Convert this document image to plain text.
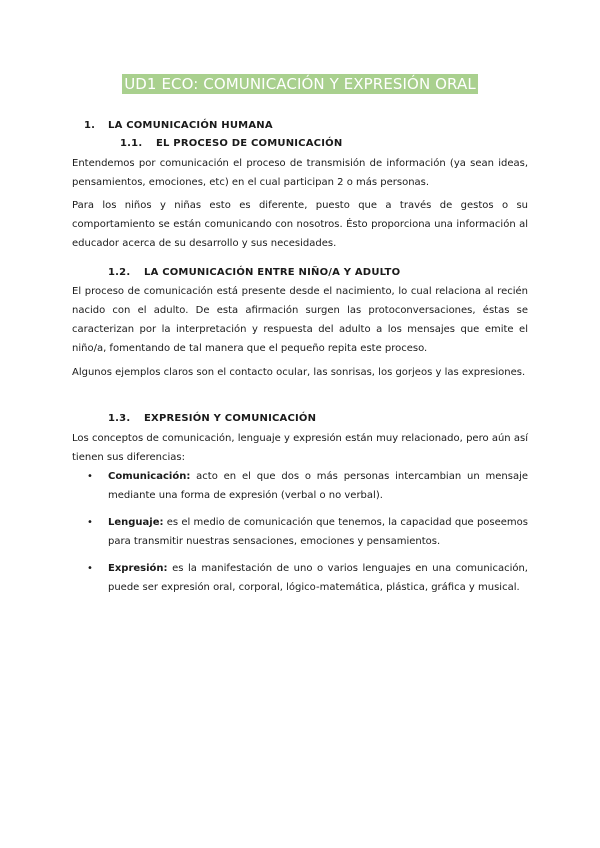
UD1 ECO: COMUNICACIÓN Y EXPRESIÓN ORAL
1. LA COMUNICACIÓN HUMANA
1.1. EL PROCESO DE COMUNICACIÓN

Entendemos por comunicación el proceso de transmisión de información (ya sean ideas, pensamientos, emociones, etc) en el cual participan 2 o más personas.

Para los niños y niñas esto es diferente, puesto que a través de gestos o su comportamiento se están comunicando con nosotros. Ésto proporciona una información al educador acerca de su desarrollo y sus necesidades.

1.2. LA COMUNICACIÓN ENTRE NIÑO/A Y ADULTO

El proceso de comunicación está presente desde el nacimiento, lo cual relaciona al recién nacido con el adulto. De esta afirmación surgen las protoconversaciones, éstas se caracterizan por la interpretación y respuesta del adulto a los mensajes que emite el niño/a, fomentando de tal manera que el pequeño repita este proceso.

Algunos ejemplos claros son el contacto ocular, las sonrisas, los gorjeos y las expresiones.

1.3. EXPRESIÓN Y COMUNICACIÓN

Los conceptos de comunicación, lenguaje y expresión están muy relacionado, pero aún así tienen sus diferencias:

• Comunicación: acto en el que dos o más personas intercambian un mensaje mediante una forma de expresión (verbal o no verbal).
• Lenguaje: es el medio de comunicación que tenemos, la capacidad que poseemos para transmitir nuestras sensaciones, emociones y pensamientos.
• Expresión: es la manifestación de uno o varios lenguajes en una comunicación, puede ser expresión oral, corporal, lógico-matemática, plástica, gráfica y musical.
